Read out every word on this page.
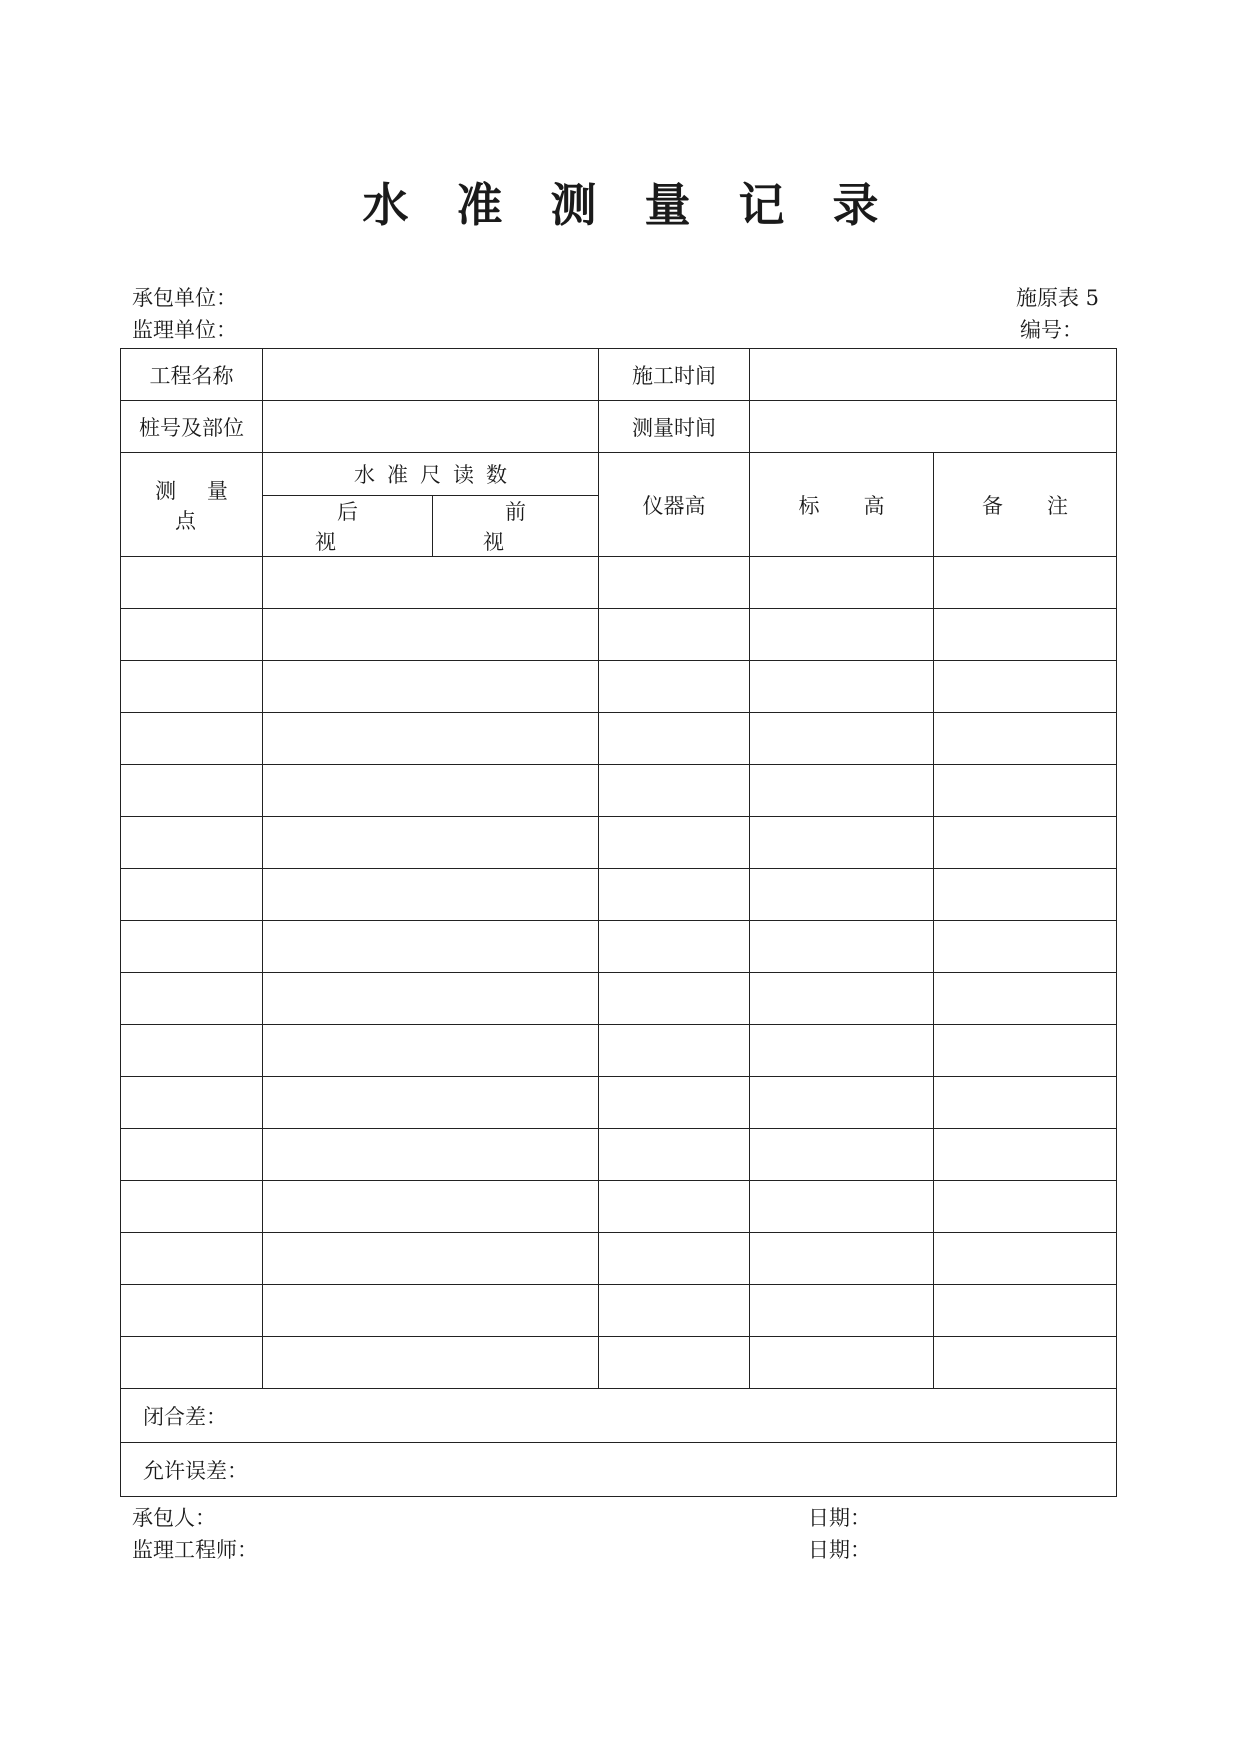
水准测量记录
承包单位：
监理单位：
施原表 5
编号：
工程名称			施工时间		
桩号及部位			测量时间		
测 量 点	水准尺读数		仪器高	标高	备注
	后视	前视			

闭合差：					
允许误差：					
承包人：	日期：
监理工程师：	日期：
